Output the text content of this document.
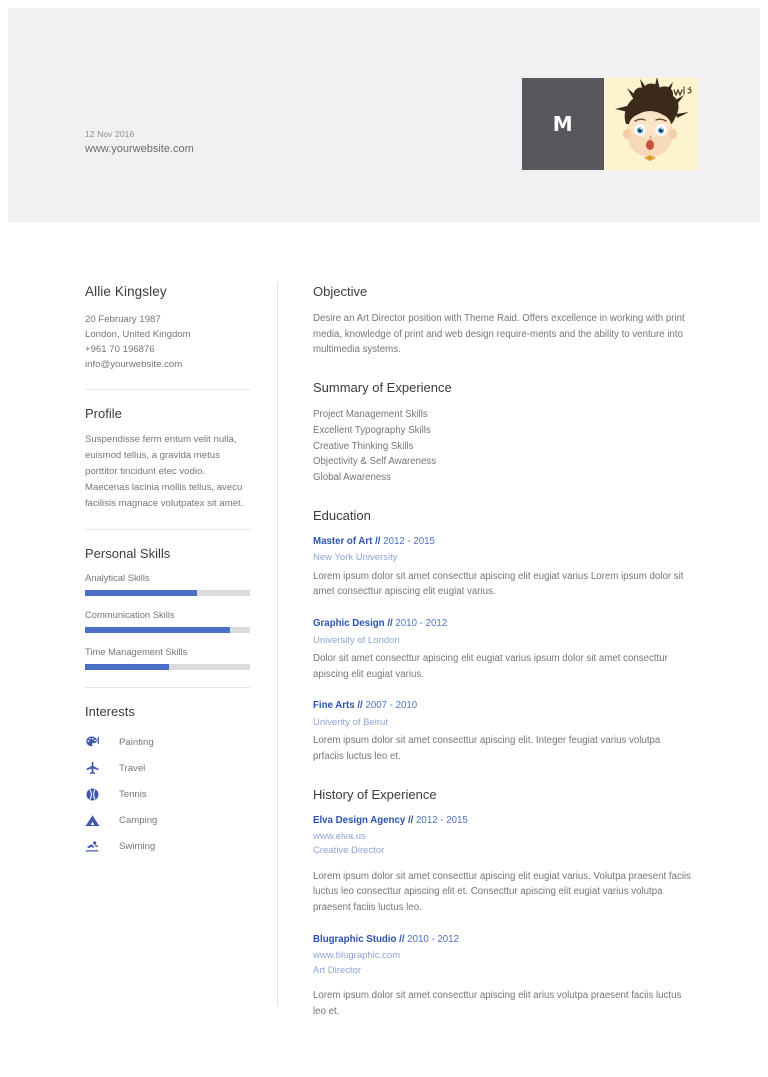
12 Nov 2016
www.yourwebsite.com
M
Allie Kingsley
20 February 1987
London, United Kingdom
+961 70 196876
info@yourwebsite.com
Profile

Suspendisse ferm entum velit nulla, euismod tellus, a gravida metus porttitor tincidunt etec vodio. Maecenas lacinia mollis tellus, avecu facilisis magnace volutpatex sit amet.

Personal Skills
Analytical Skills
Communication Skills
Time Management Skills
Interests
Painting
Travel
Tennis
Camping
Swiming
Objective

Desire an Art Director position with Theme Raid. Offers excellence in working with print media, knowledge of print and web design require-ments and the ability to venture into multimedia systems.

Summary of Experience
Project Management Skills
Excellent Typography Skills
Creative Thinking Skills
Objectivity & Self Awareness
Global Awareness
Education
Master of Art // 2012 - 2015
New York University

Lorem ipsum dolor sit amet consecttur apiscing elit eugiat varius Lorem ipsum dolor sit amet consecttur apiscing elit eugiat varius.

Graphic Design // 2010 - 2012
University of London

Dolor sit amet consecttur apiscing elit eugiat varius ipsum dolor sit amet consecttur apiscing elit eugiat varius.

Fine Arts // 2007 - 2010
Univerity of Beirut

Lorem ipsum dolor sit amet consecttur apiscing elit. Integer feugiat varius volutpa prfaciis luctus leo et.

History of Experience
Elva Design Agency // 2012 - 2015
www.elva.us
Creative Director

Lorem ipsum dolor sit amet consecttur apiscing elit eugiat varius. Volutpa praesent faciis luctus leo consecttur apiscing elit et. Consecttur apiscing elit eugiat varius volutpa praesent faciis luctus leo.

Blugraphic Studio // 2010 - 2012
www.blugraphic.com
Art Director

Lorem ipsum dolor sit amet consecttur apiscing elit arius volutpa praesent faciis luctus leo et.
